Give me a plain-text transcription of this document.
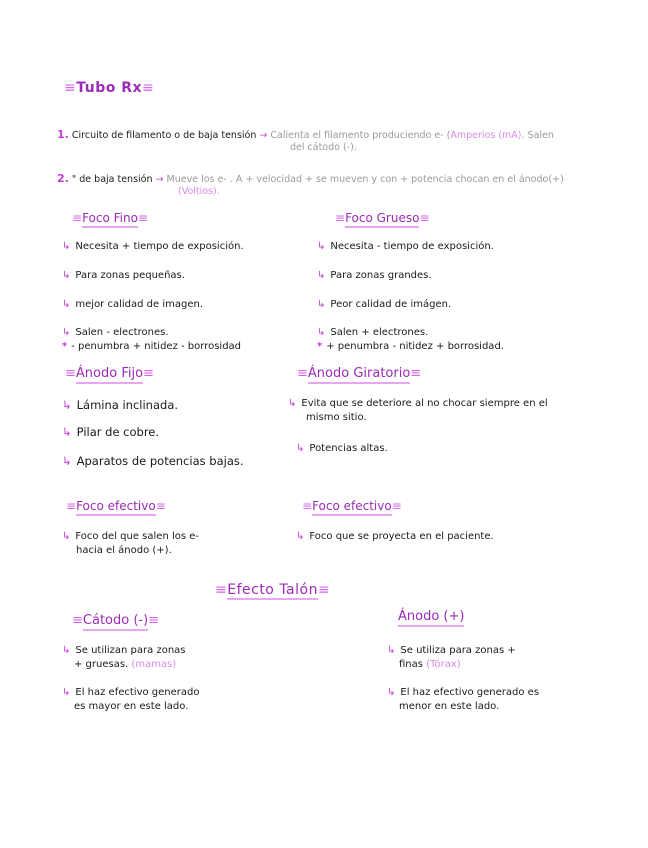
≡Tubo Rx≡
1. Circuito de filamento o de baja tensión → Calienta el filamento produciendo e- (Amperios (mA). Salen
del cátodo (-).
2. " de baja tensión → Mueve los e- . A + velocidad + se mueven y con + potencia chocan en el ánodo(+)
(Voltios).
≡Foco Fino≡
↳ Necesita + tiempo de exposición.
↳ Para zonas pequeñas.
↳ mejor calidad de imagen.
↳ Salen - electrones.
* - penumbra + nitidez - borrosidad
≡Foco Grueso≡
↳ Necesita - tiempo de exposición.
↳ Para zonas grandes.
↳ Peor calidad de imágen.
↳ Salen + electrones.
* + penumbra - nitidez + borrosidad.
≡Ánodo Fijo≡
↳ Lámina inclinada.
↳ Pilar de cobre.
↳ Aparatos de potencias bajas.
≡Ánodo Giratorio≡
↳ Evita que se deteriore al no chocar siempre en el
mismo sitio.
↳ Potencias altas.
≡Foco efectivo≡
↳ Foco del que salen los e-
hacia el ánodo (+).
≡Foco efectivo≡
↳ Foco que se proyecta en el paciente.
≡Efecto Talón≡
≡Cátodo (-)≡
↳ Se utilizan para zonas
+ gruesas. (mamas)
↳ El haz efectivo generado
es mayor en este lado.
Ánodo (+)
↳ Se utiliza para zonas +
finas (Tórax)
↳ El haz efectivo generado es
menor en este lado.
